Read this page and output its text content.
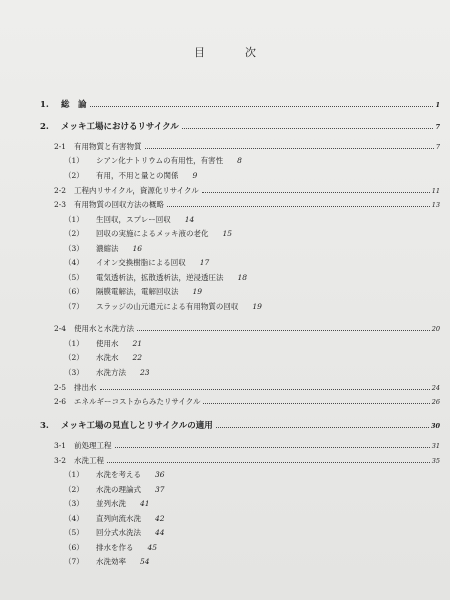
目次
1.	総　論	1
2.	メッキ工場におけるリサイクル	7
2-1	有用物質と有害物質	7
（1）	シアン化ナトリウムの有用性，有害性 8
（2）	有用，不用と量との関係 9
2-2	工程内リサイクル，資源化リサイクル	11
2-3	有用物質の回収方法の概略	13
（1）	生回収，スプレー回収 14
（2）	回収の実施によるメッキ液の老化 15
（3）	濃縮法 16
（4）	イオン交換樹脂による回収 17
（5）	電気透析法，拡散透析法，逆浸透圧法 18
（6）	隔膜電解法，電解回収法 19
（7）	スラッジの山元還元による有用物質の回収 19
2-4	使用水と水洗方法	20
（1）	使用水 21
（2）	水洗水 22
（3）	水洗方法 23
2-5	排出水	24
2-6	エネルギーコストからみたリサイクル	26
3.	メッキ工場の見直しとリサイクルの適用	30
3-1	前処理工程	31
3-2	水洗工程	35
（1）	水洗を考える 36
（2）	水洗の理論式 37
（3）	並列水洗 41
（4）	直列向流水洗 42
（5）	回分式水洗法 44
（6）	排水を作る 45
（7）	水洗効率 54
